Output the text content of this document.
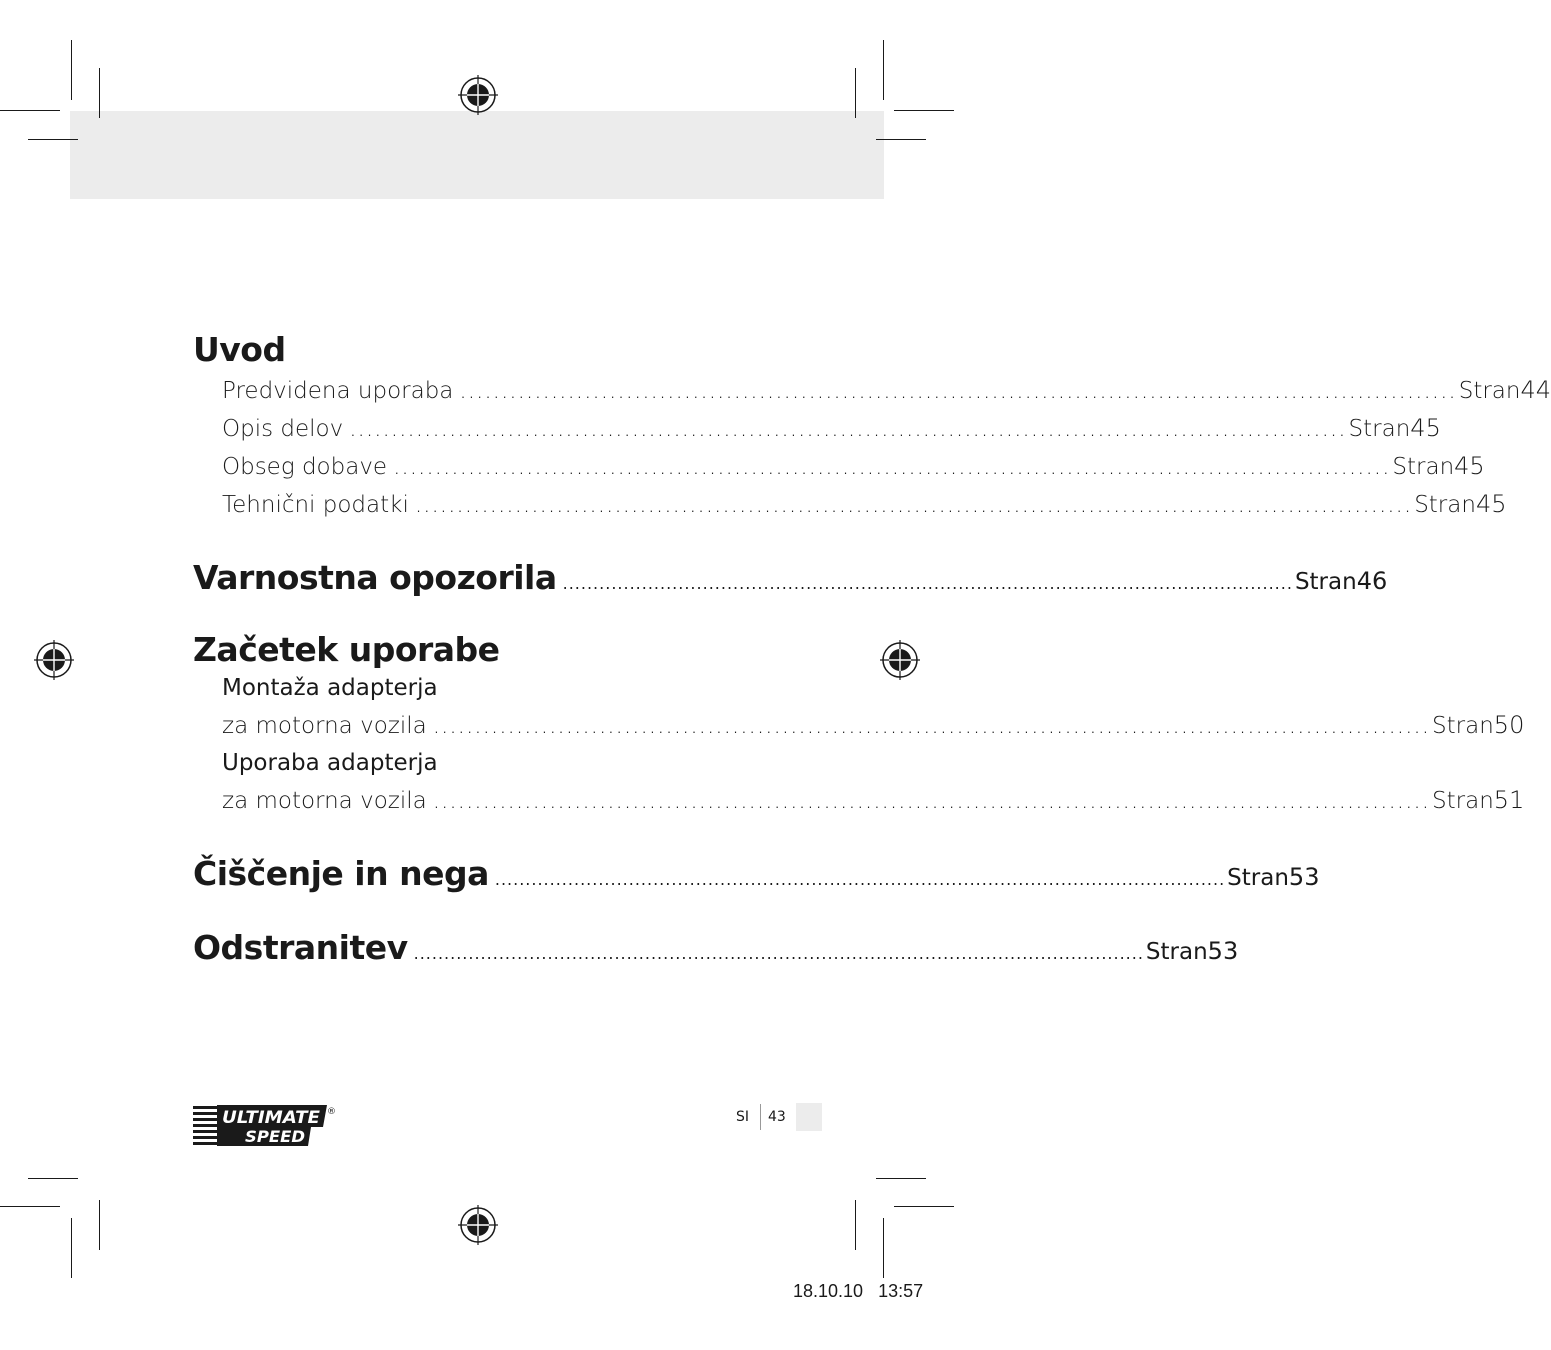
Uvod
Predvidena uporaba .....	Stran 44
Opis delov .....	Stran 45
Obseg dobave .....	Stran 45
Tehnični podatki .....	Stran 45
Varnostna opozorila .....	Stran 46
Začetek uporabe
Montaža adapterja
za motorna vozila .....	Stran 50
Uporaba adapterja
za motorna vozila .....	Stran 51
Čiščenje in nega .....	Stran 53
Odstranitev .....	Stran 53
ULTIMATE
SPEED
®	SI 43
18.10.10   13:57
